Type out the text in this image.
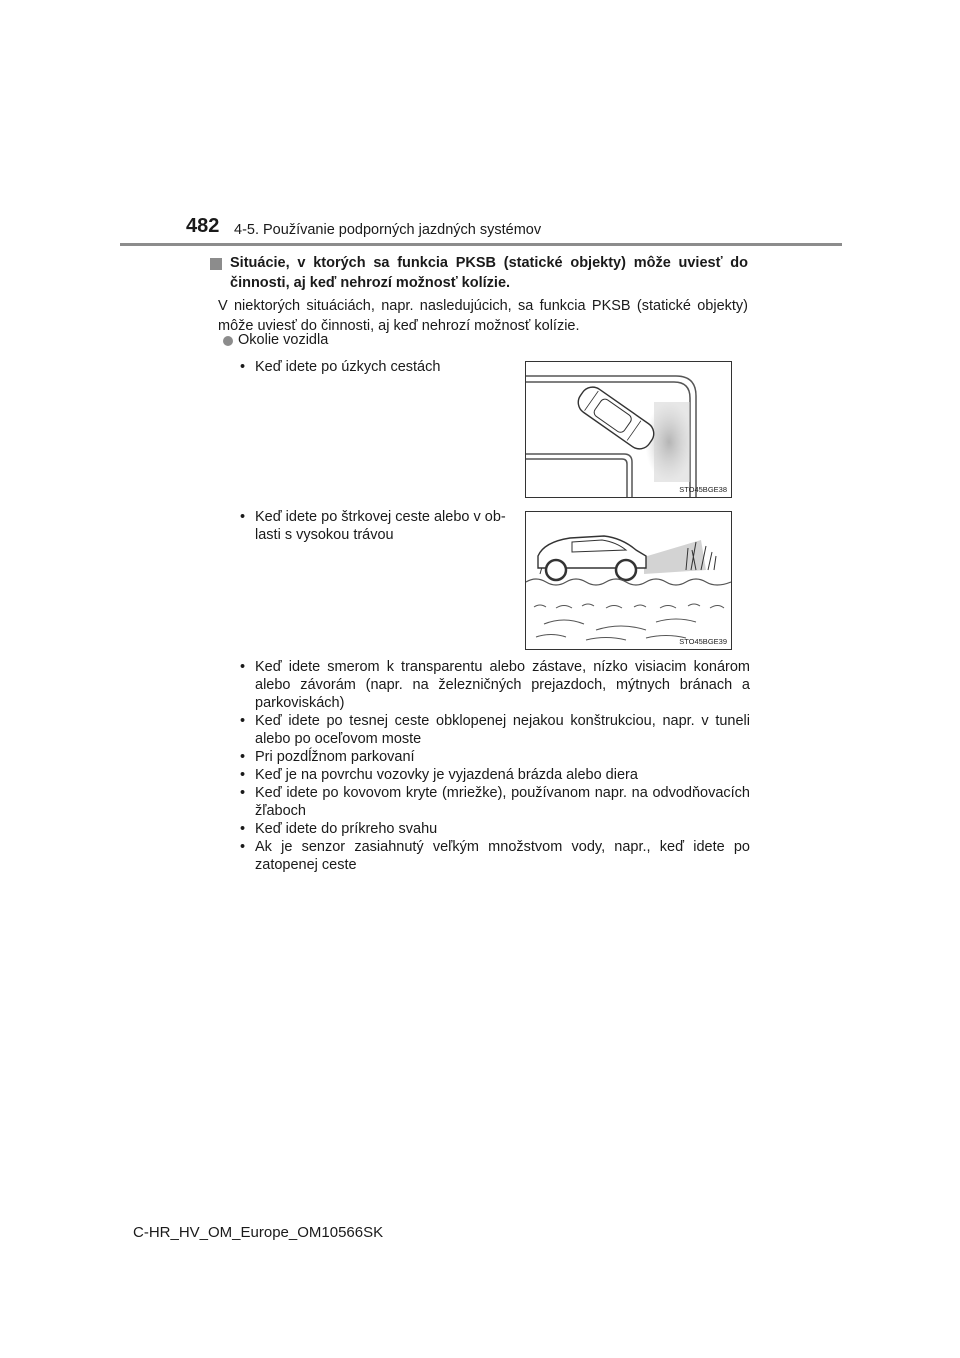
482 4-5. Používanie podporných jazdných systémov
Situácie, v ktorých sa funkcia PKSB (statické objekty) môže uviesť do činnosti, aj keď nehrozí možnosť kolízie.
V niektorých situáciách, napr. nasledujúcich, sa funkcia PKSB (statické objekty) môže uviesť do činnosti, aj keď nehrozí možnosť kolízie.
Okolie vozidla
• Keď idete po úzkych cestách
STO45BGE38
• Keď idete po štrkovej ceste alebo v ob-
lasti s vysokou trávou
STO45BGE39
• Keď idete smerom k transparentu alebo zástave, nízko visiacim konárom alebo závorám (napr. na železničných prejazdoch, mýtnych bránach a parkoviskách)
• Keď idete po tesnej ceste obklopenej nejakou konštrukciou, napr. v tuneli alebo po oceľovom moste
• Pri pozdĺžnom parkovaní
• Keď je na povrchu vozovky je vyjazdená brázda alebo diera
• Keď idete po kovovom kryte (mriežke), používanom napr. na odvodňovacích žľaboch
• Keď idete do príkreho svahu
• Ak je senzor zasiahnutý veľkým množstvom vody, napr., keď idete po zatopenej ceste
C-HR_HV_OM_Europe_OM10566SK
